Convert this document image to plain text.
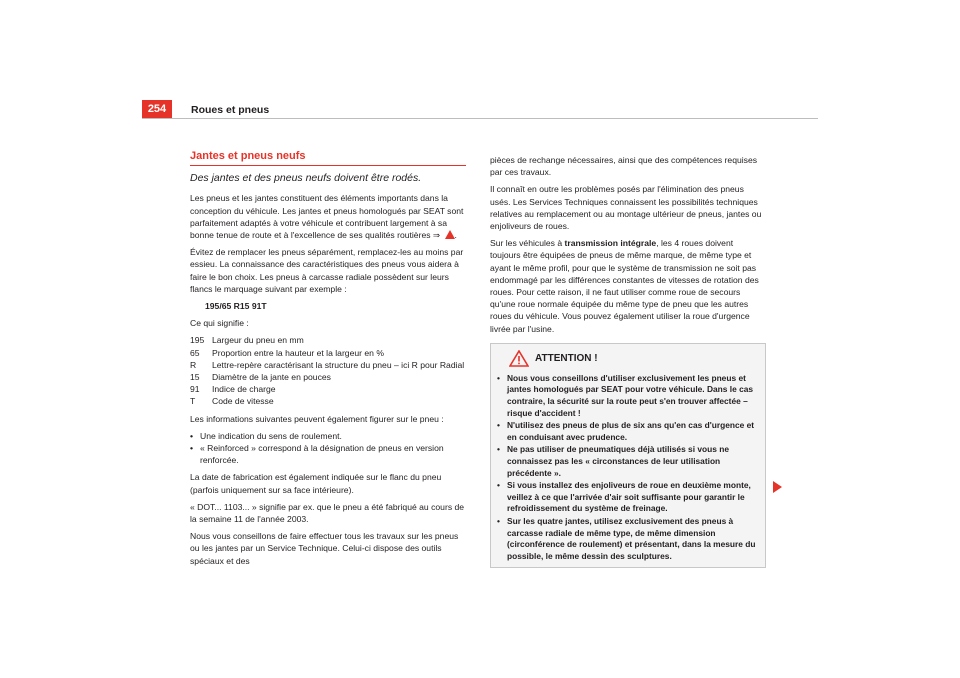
254	Roues et pneus
Jantes et pneus neufs
Des jantes et des pneus neufs doivent être rodés.

Les pneus et les jantes constituent des éléments importants dans la conception du véhicule. Les jantes et pneus homologués par SEAT sont parfaitement adaptés à votre véhicule et contribuent largement à sa bonne tenue de route et à l'excellence de ses qualités routières ⇒ .

Évitez de remplacer les pneus séparément, remplacez-les au moins par essieu. La connaissance des caractéristiques des pneus vous aidera à faire le bon choix. Les pneus à carcasse radiale possèdent sur leurs flancs le marquage suivant par exemple :

195/65 R15 91T

Ce qui signifie :

195 Largeur du pneu en mm
65	Proportion entre la hauteur et la largeur en %
R	Lettre-repère caractérisant la structure du pneu – ici R pour Radial
15	Diamètre de la jante en pouces
91	Indice de charge
T	Code de vitesse

Les informations suivantes peuvent également figurer sur le pneu :

• Une indication du sens de roulement.
• « Reinforced » correspond à la désignation de pneus en version renforcée.

La date de fabrication est également indiquée sur le flanc du pneu (parfois uniquement sur sa face intérieure).

« DOT... 1103... » signifie par ex. que le pneu a été fabriqué au cours de la semaine 11 de l'année 2003.

Nous vous conseillons de faire effectuer tous les travaux sur les pneus ou les jantes par un Service Technique. Celui-ci dispose des outils spéciaux et des

pièces de rechange nécessaires, ainsi que des compétences requises par ces travaux.

Il connaît en outre les problèmes posés par l'élimination des pneus usés. Les Services Techniques connaissent les possibilités techniques relatives au remplacement ou au montage ultérieur de pneus, jantes ou enjoliveurs de roues.

Sur les véhicules à transmission intégrale, les 4 roues doivent toujours être équipées de pneus de même marque, de même type et ayant le même profil, pour que le système de transmission ne soit pas endommagé par les différences constantes de vitesses de rotation des roues. Pour cette raison, il ne faut utiliser comme roue de secours qu'une roue normale équipée du même type de pneu que les autres roues du véhicule. Vous pouvez également utiliser la roue d'urgence livrée par l'usine.

ATTENTION !
• Nous vous conseillons d'utiliser exclusivement les pneus et jantes homologués par SEAT pour votre véhicule. Dans le cas contraire, la sécurité sur la route peut s'en trouver affectée – risque d'accident !
• N'utilisez des pneus de plus de six ans qu'en cas d'urgence et en conduisant avec prudence.
• Ne pas utiliser de pneumatiques déjà utilisés si vous ne connaissez pas les « circonstances de leur utilisation précédente ».
• Si vous installez des enjoliveurs de roue en deuxième monte, veillez à ce que l'arrivée d'air soit suffisante pour garantir le refroidissement du système de freinage.
• Sur les quatre jantes, utilisez exclusivement des pneus à carcasse radiale de même type, de même dimension (circonférence de roulement) et présentant, dans la mesure du possible, le même dessin des sculptures.
